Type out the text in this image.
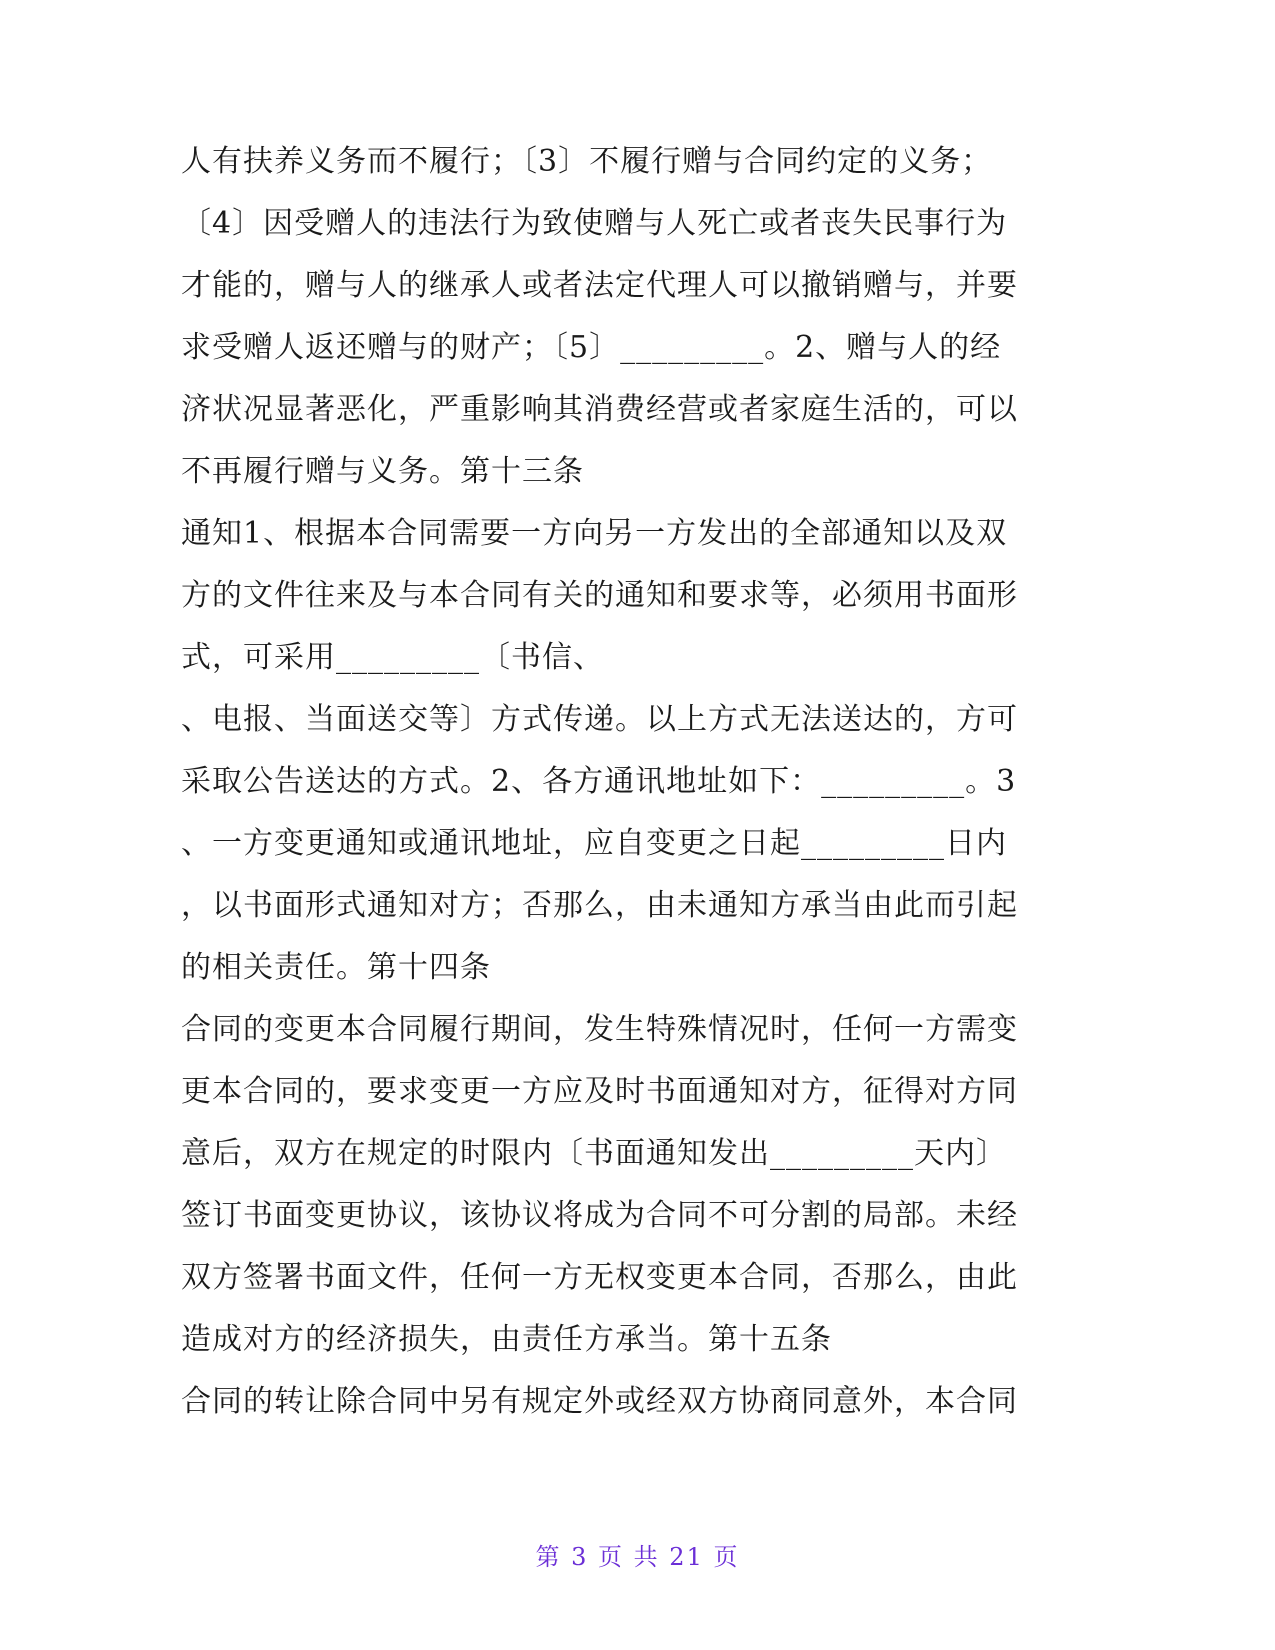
人有扶养义务而不履行；〔3〕不履行赠与合同约定的义务；
〔4〕因受赠人的违法行为致使赠与人死亡或者丧失民事行为
才能的，赠与人的继承人或者法定代理人可以撤销赠与，并要
求受赠人返还赠与的财产；〔5〕_________。2、赠与人的经
济状况显著恶化，严重影响其消费经营或者家庭生活的，可以
不再履行赠与义务。第十三条
通知1、根据本合同需要一方向另一方发出的全部通知以及双
方的文件往来及与本合同有关的通知和要求等，必须用书面形
式，可采用_________〔书信、
、电报、当面送交等〕方式传递。以上方式无法送达的，方可
采取公告送达的方式。2、各方通讯地址如下：_________。3
、一方变更通知或通讯地址，应自变更之日起_________日内
，以书面形式通知对方；否那么，由未通知方承当由此而引起
的相关责任。第十四条
合同的变更本合同履行期间，发生特殊情况时，任何一方需变
更本合同的，要求变更一方应及时书面通知对方，征得对方同
意后，双方在规定的时限内〔书面通知发出_________天内〕
签订书面变更协议，该协议将成为合同不可分割的局部。未经
双方签署书面文件，任何一方无权变更本合同，否那么，由此
造成对方的经济损失，由责任方承当。第十五条
合同的转让除合同中另有规定外或经双方协商同意外，本合同
第 3 页 共 21 页
